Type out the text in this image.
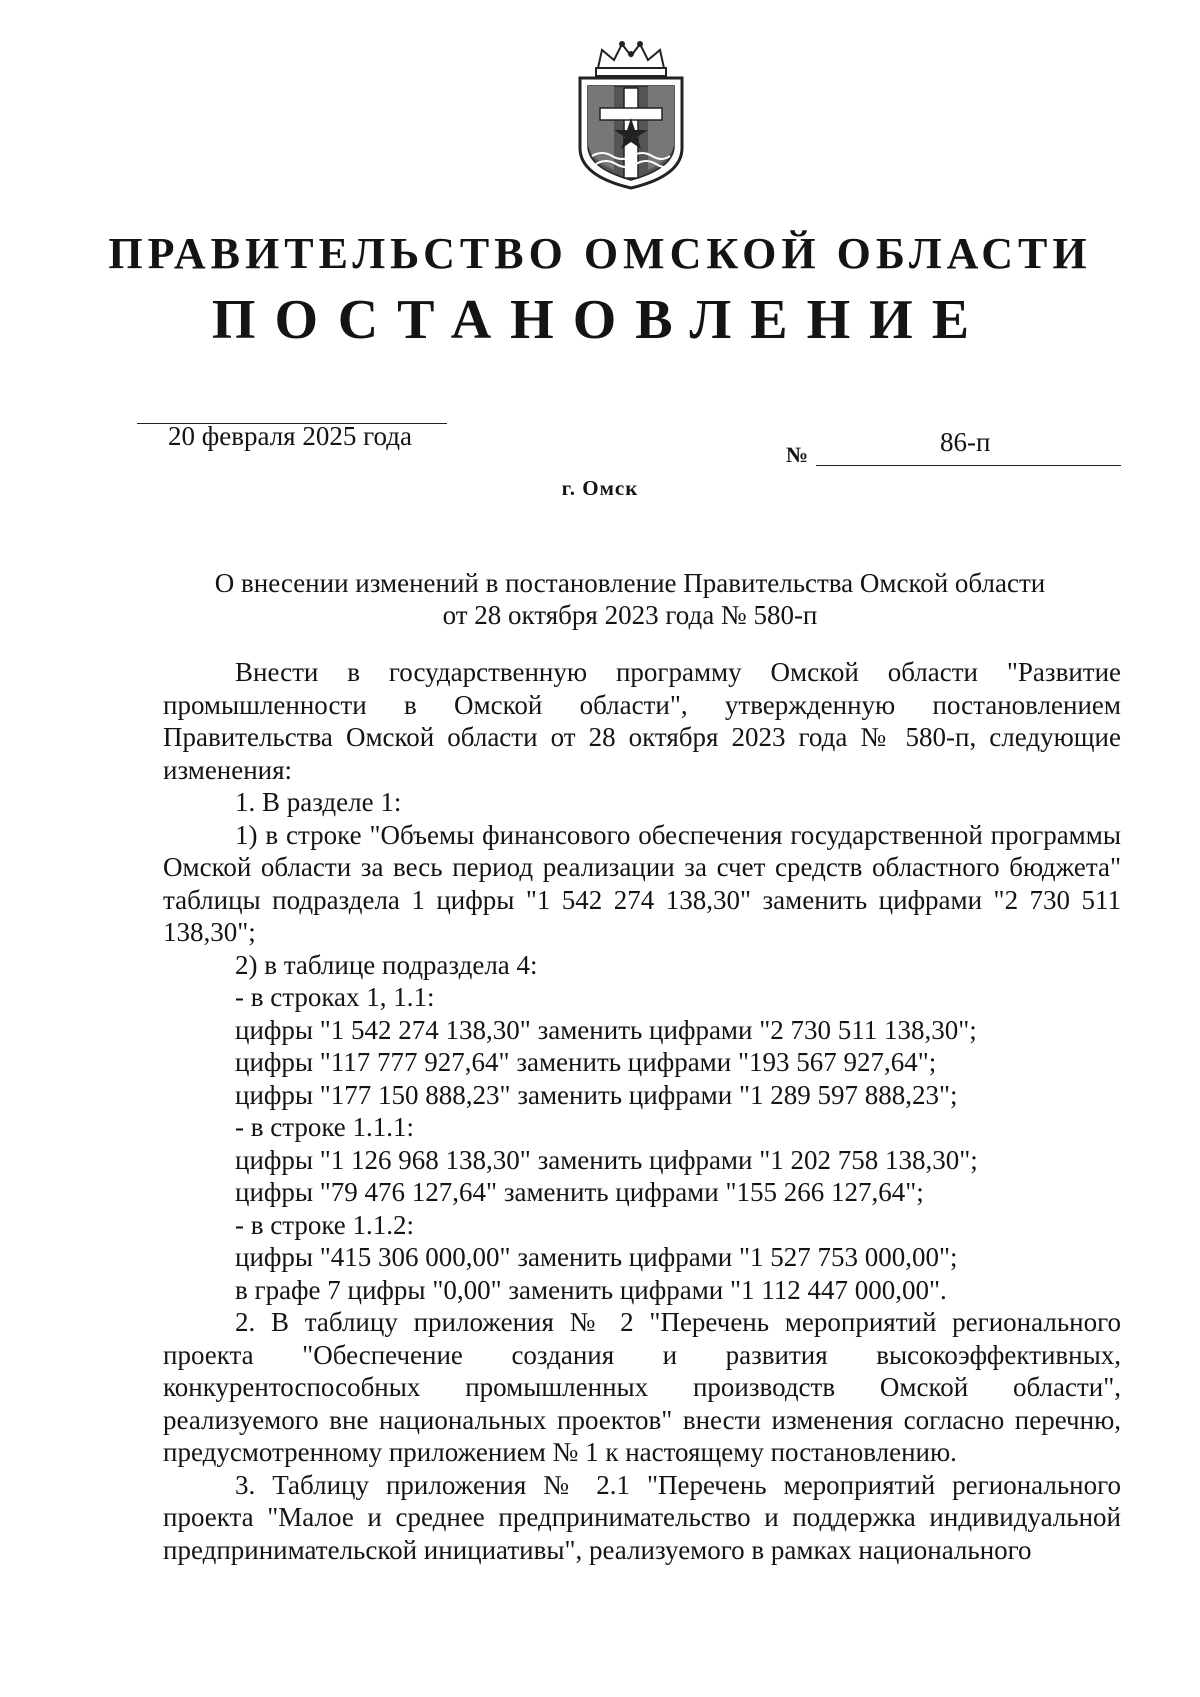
ПРАВИТЕЛЬСТВО ОМСКОЙ ОБЛАСТИ
ПОСТАНОВЛЕНИЕ
20 февраля 2025 года
№	86-п
г. Омск
О внесении изменений в постановление Правительства Омской области
от 28 октября 2023 года № 580-п

Внести в государственную программу Омской области "Развитие промышленности в Омской области", утвержденную постановлением Правительства Омской области от 28 октября 2023 года № 580-п, следующие изменения:

1. В разделе 1:

1) в строке "Объемы финансового обеспечения государственной программы Омской области за весь период реализации за счет средств областного бюджета" таблицы подраздела 1 цифры "1 542 274 138,30" заменить цифрами "2 730 511 138,30";

2) в таблице подраздела 4:

- в строках 1, 1.1:

цифры "1 542 274 138,30" заменить цифрами "2 730 511 138,30";

цифры "117 777 927,64" заменить цифрами "193 567 927,64";

цифры "177 150 888,23" заменить цифрами "1 289 597 888,23";

- в строке 1.1.1:

цифры "1 126 968 138,30" заменить цифрами "1 202 758 138,30";

цифры "79 476 127,64" заменить цифрами "155 266 127,64";

- в строке 1.1.2:

цифры "415 306 000,00" заменить цифрами "1 527 753 000,00";

в графе 7 цифры "0,00" заменить цифрами "1 112 447 000,00".

2. В таблицу приложения № 2 "Перечень мероприятий регионального проекта "Обеспечение создания и развития высокоэффективных, конкурентоспособных промышленных производств Омской области", реализуемого вне национальных проектов" внести изменения согласно перечню, предусмотренному приложением № 1 к настоящему постановлению.

3. Таблицу приложения № 2.1 "Перечень мероприятий регионального проекта "Малое и среднее предпринимательство и поддержка индивидуальной предпринимательской инициативы", реализуемого в рамках национального
